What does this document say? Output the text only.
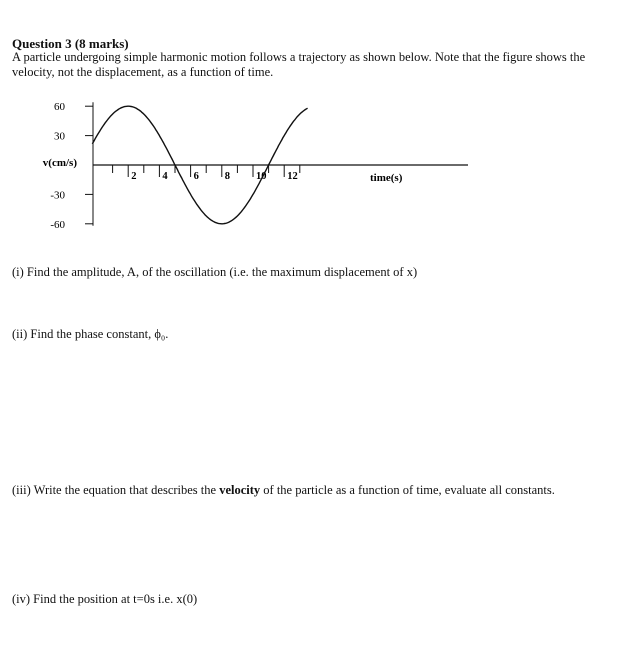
Question 3 (8 marks)
A particle undergoing simple harmonic motion follows a trajectory as shown below. Note that the figure shows the velocity, not the displacement, as a function of time.
60
30
-30
-60
v(cm/s)
2 4 6 8 10 12	time(s)
(i) Find the amplitude, A, of the oscillation (i.e. the maximum displacement of x)
(ii) Find the phase constant, ϕ₀.
(iii) Write the equation that describes the velocity of the particle as a function of time, evaluate all constants.
(iv) Find the position at t=0s i.e. x(0)
